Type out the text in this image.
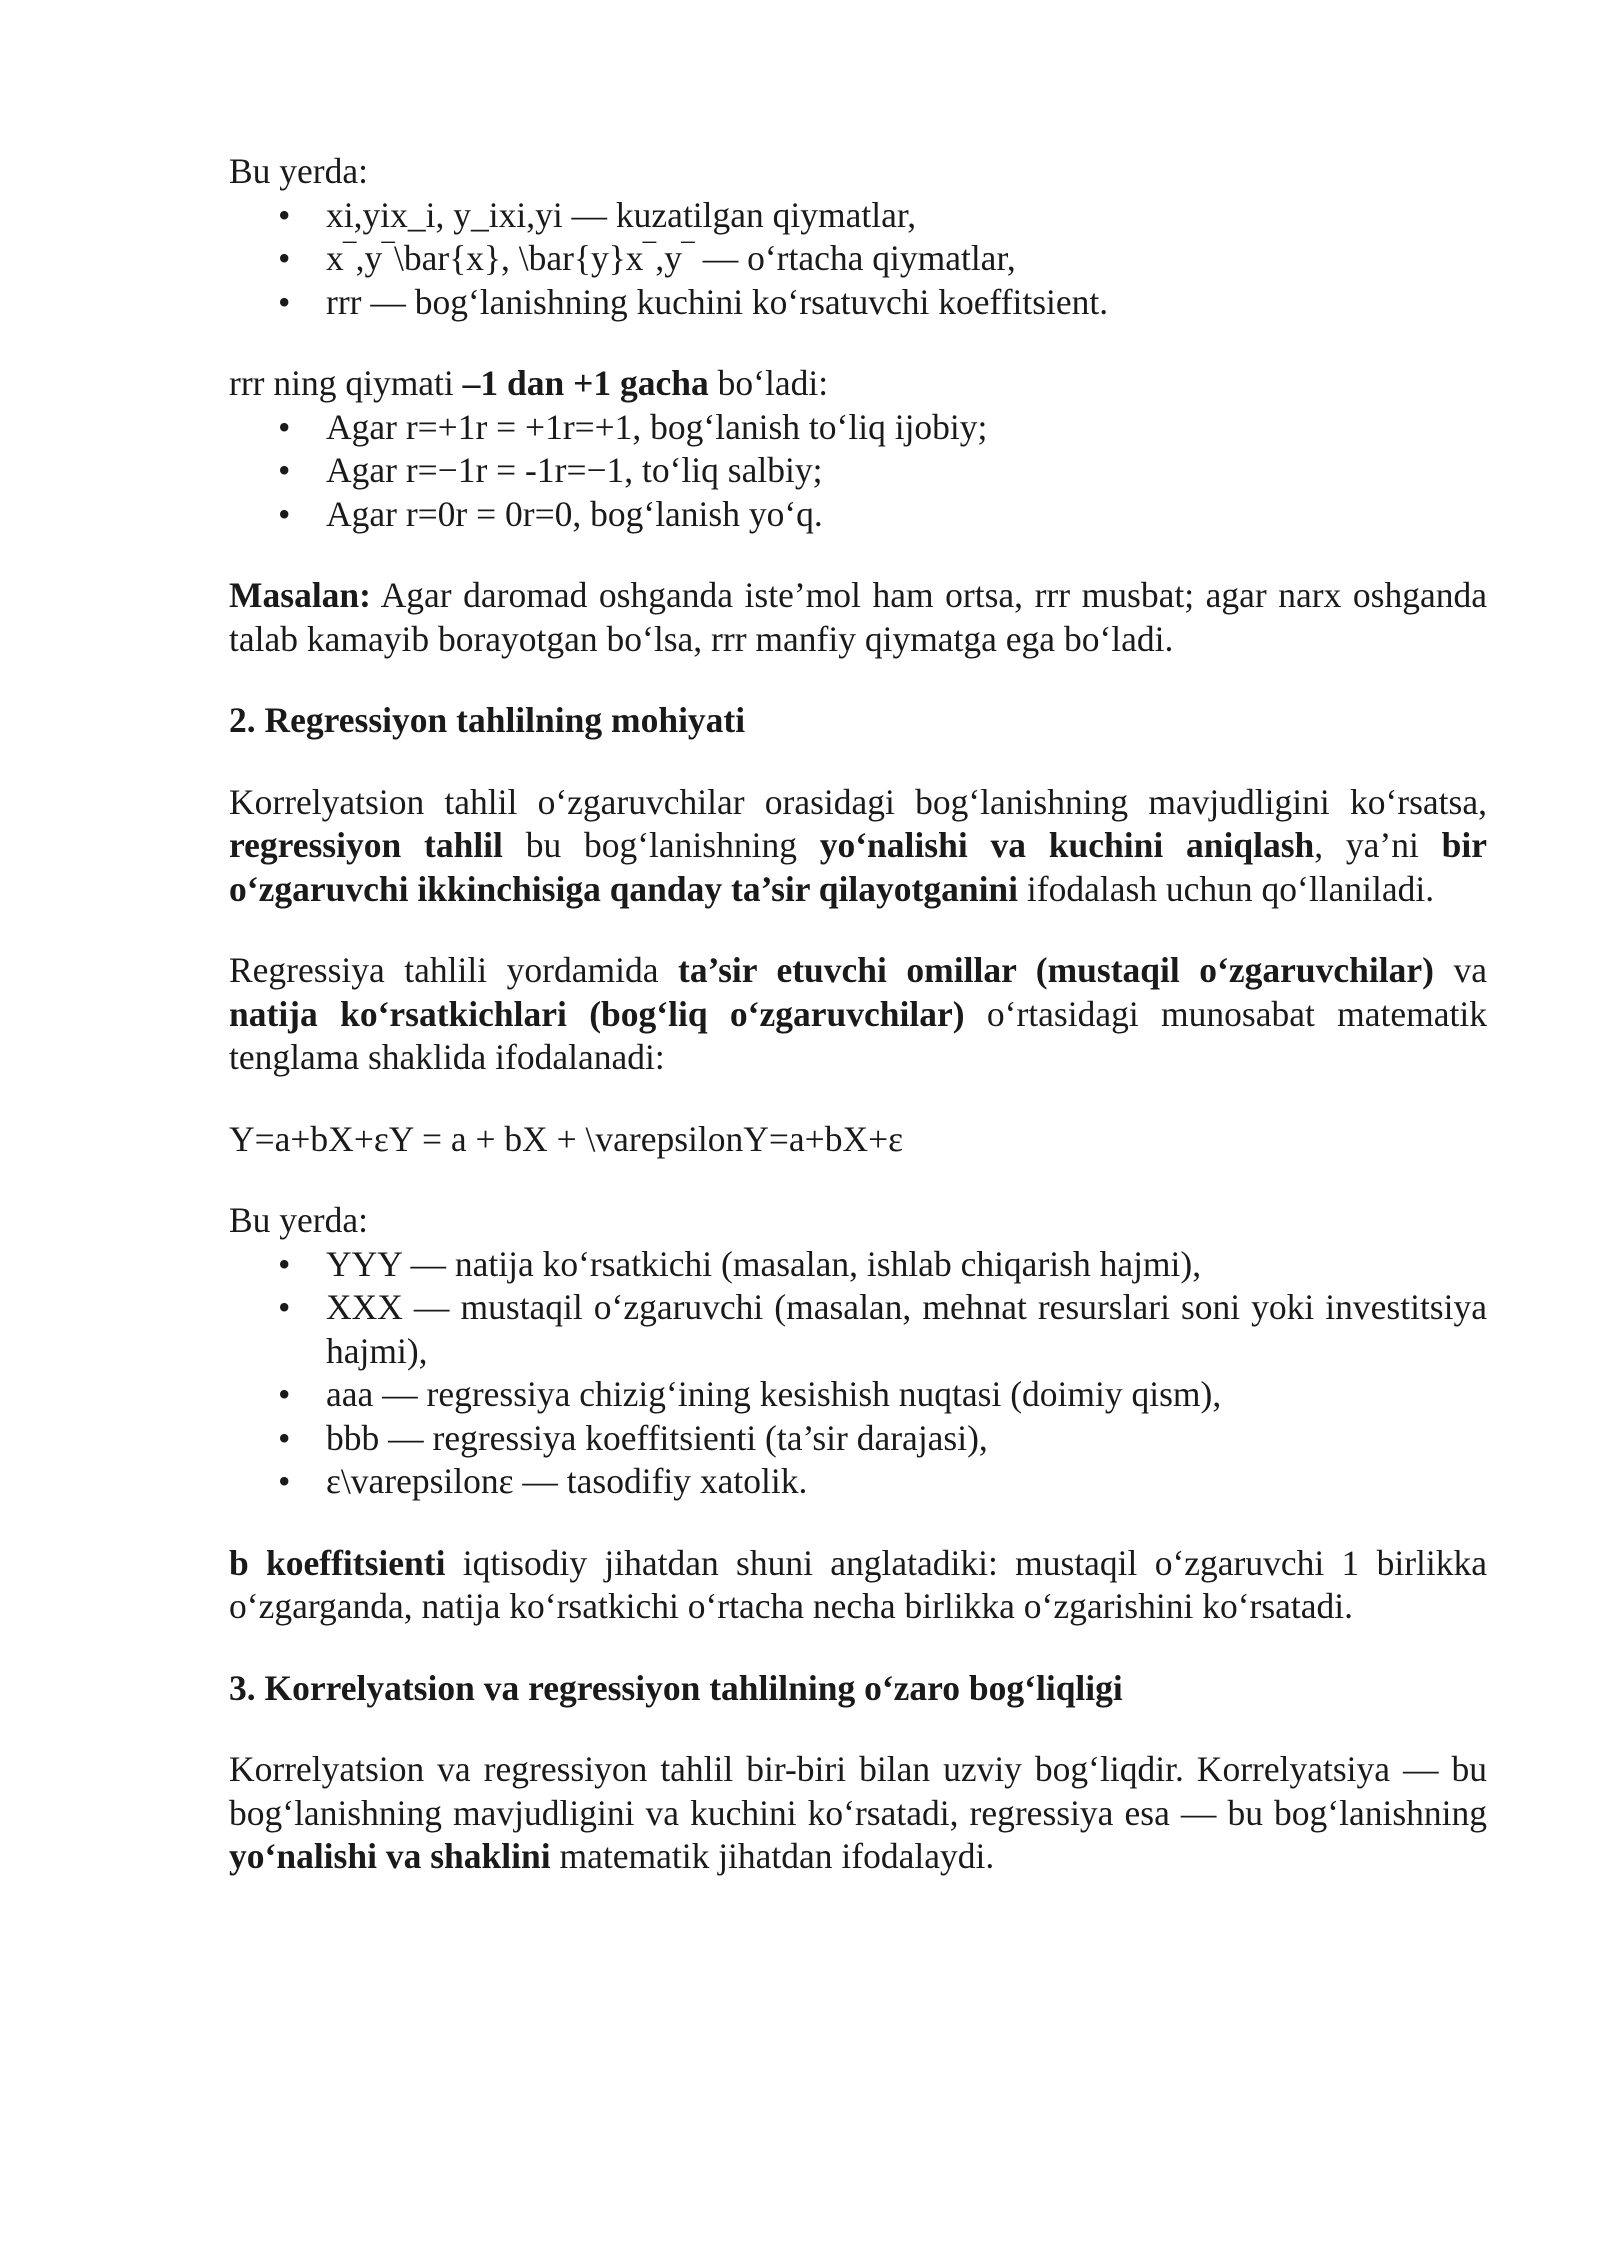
Bu yerda:

• xi,yix_i, y_ixi,yi — kuzatilgan qiymatlar,
• x‾,y‾\bar{x}, \bar{y}x‾,y‾ — o‘rtacha qiymatlar,
• rrr — bog‘lanishning kuchini ko‘rsatuvchi koeffitsient.

rrr ning qiymati –1 dan +1 gacha bo‘ladi:

• Agar r=+1r = +1r=+1, bog‘lanish to‘liq ijobiy;
• Agar r=−1r = -1r=−1, to‘liq salbiy;
• Agar r=0r = 0r=0, bog‘lanish yo‘q.

Masalan: Agar daromad oshganda iste’mol ham ortsa, rrr musbat; agar narx oshganda talab kamayib borayotgan bo‘lsa, rrr manfiy qiymatga ega bo‘ladi.

2. Regressiyon tahlilning mohiyati

Korrelyatsion tahlil o‘zgaruvchilar orasidagi bog‘lanishning mavjudligini ko‘rsatsa, regressiyon tahlil bu bog‘lanishning yo‘nalishi va kuchini aniqlash, ya’ni bir o‘zgaruvchi ikkinchisiga qanday ta’sir qilayotganini ifodalash uchun qo‘llaniladi.

Regressiya tahlili yordamida ta’sir etuvchi omillar (mustaqil o‘zgaruvchilar) va natija ko‘rsatkichlari (bog‘liq o‘zgaruvchilar) o‘rtasidagi munosabat matematik tenglama shaklida ifodalanadi:

Y=a+bX+εY = a + bX + \varepsilonY=a+bX+ε

Bu yerda:

• YYY — natija ko‘rsatkichi (masalan, ishlab chiqarish hajmi),
• XXX — mustaqil o‘zgaruvchi (masalan, mehnat resurslari soni yoki investitsiya hajmi),
• aaa — regressiya chizig‘ining kesishish nuqtasi (doimiy qism),
• bbb — regressiya koeffitsienti (ta’sir darajasi),
• ε\varepsilonε — tasodifiy xatolik.

b koeffitsienti iqtisodiy jihatdan shuni anglatadiki: mustaqil o‘zgaruvchi 1 birlikka o‘zgarganda, natija ko‘rsatkichi o‘rtacha necha birlikka o‘zgarishini ko‘rsatadi.

3. Korrelyatsion va regressiyon tahlilning o‘zaro bog‘liqligi

Korrelyatsion va regressiyon tahlil bir-biri bilan uzviy bog‘liqdir. Korrelyatsiya — bu bog‘lanishning mavjudligini va kuchini ko‘rsatadi, regressiya esa — bu bog‘lanishning yo‘nalishi va shaklini matematik jihatdan ifodalaydi.
